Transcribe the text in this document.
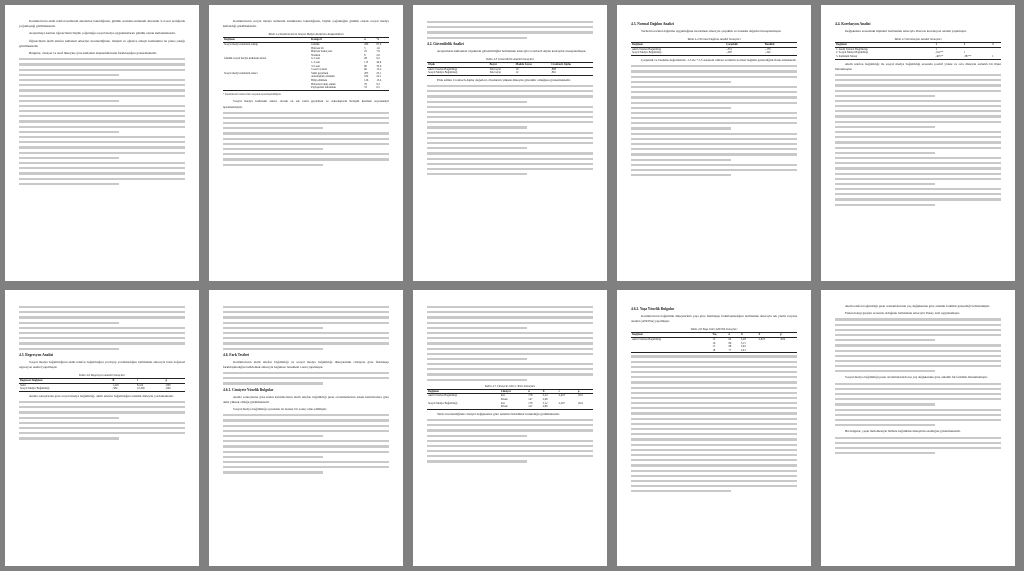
Katılımcıların akıllı telefon kullanım sürelerine bakıldığında, günlük ortalama kullanım süresinin 3-4 saat aralığında yoğunlaştığı görülmektedir.

Araştırmaya katılan öğrencilerin büyük çoğunluğu sosyal medya uygulamalarını günlük olarak kullanmaktadır.

Öğrencilerin akıllı telefon kullanım amaçları incelendiğinde, iletişim ve eğlence amaçlı kullanımın ön plana çıktığı görülmektedir.

Bulgular, cinsiyet ve sınıf düzeyine göre kullanım alışkanlıklarının farklılaştığını göstermektedir.

Katılımcıların sosyal medya kullanım sıklıklarına bakıldığında, büyük çoğunluğun günlük olarak sosyal medya kullandığı görülmektedir.

Tablo 4.2 Katılımcıların Sosyal Medya Kullanım Alışkanlıkları
Değişken	Kategori	n	%
Sosyal medya kullanım sıklığı	Günlük	286	87,9
	Haftada bir	5	1,6
	Haftada birkaç kez	25	7,9
	Nadiren	8	2,6
Günlük sosyal medya kullanım süresi	0-1 saat	28	9,2
	1-3 saat	115	44,6
	3-5 saat	90	35,0
	5 saat ve üzeri	66	15,2
Sosyal medya kullanım amacı	Vakit geçirmek	205	25,1
	Arkadaşlarla iletişim	182	22,1
	Bilgi edinmek	126	15,4
	Haberleri takip etmek	76	9,3
	Paylaşımda bulunmak	53	6,5
* Katılımcılar birden fazla seçenek işaretleyebilmiştir.

Sosyal medya kullanım amacı olarak en sık vakit geçirmek ve arkadaşlarla iletişim kurmak seçenekleri işaretlenmiştir.

4.2. Güvenilirlik Analizi

Araştırmada kullanılan ölçeklerin güvenilirliğini belirlemek amacıyla Cronbach Alpha katsayıları hesaplanmıştır.

Tablo 4.3 Güvenilirlik Analizi Sonuçları
Ölçek	Boyut	Madde Sayısı	Cronbach Alpha
Akıllı Telefon Bağımlılığı	Tek boyut	10	,868
Sosyal Medya Bağımlılığı	Tek boyut	12	,891

Elde edilen Cronbach Alpha değerleri, ölçeklerin yüksek düzeyde güvenilir olduğunu göstermektedir.

4.3. Normal Dağılım Analizi

Verilerin normal dağılıma uygunluğunu incelemek amacıyla çarpıklık ve basıklık değerleri hesaplanmıştır.

Tablo 4.4 Normal Dağılım Analizi Sonuçları
Değişken		Çarpıklık	Basıklık
Akıllı Telefon Bağımlılığı		-,351	-,176
Sosyal Medya Bağımlılığı		-,285	-,342

Çarpıklık ve basıklık değerlerinin -1,5 ile +1,5 arasında olması verilerin normal dağılım gösterdiğini ifade etmektedir.

4.4. Korelasyon Analizi

Değişkenler arasındaki ilişkileri belirlemek amacıyla Pearson korelasyon analizi yapılmıştır.

Tablo 4.5 Korelasyon Analizi Sonuçları
Değişken	1	2	3
1. Akıllı Telefon Bağımlılığı	1		
2. Sosyal Medya Bağımlılığı	,612**	1	
3. Kullanım Süresi	,405**	,387**	1

Akıllı telefon bağımlılığı ile sosyal medya bağımlılığı arasında pozitif yönde ve orta düzeyde anlamlı bir ilişki bulunmuştur.

4.5. Regresyon Analizi

Sosyal medya bağımlılığının akıllı telefon bağımlılığını yordayıp yordamadığını belirlemek amacıyla basit doğrusal regresyon analizi yapılmıştır.

Tablo 4.6 Regresyon Analizi Sonuçları
Bağımsız Değişken	B	t	p
Sabit	1,245	8,412	,000
Sosyal Medya Bağımlılığı	,584	12,336	,000

Analiz sonuçlarına göre sosyal medya bağımlılığı, akıllı telefon bağımlılığını anlamlı düzeyde yordamaktadır.

4.6. Fark Testleri

Katılımcıların akıllı telefon bağımlılığı ve sosyal medya bağımlılığı düzeylerinin cinsiyete göre farklılaşıp farklılaşmadığını belirlemek amacıyla bağımsız örneklem t-testi yapılmıştır.

4.6.1. Cinsiyete Yönelik Bulgular

Analiz sonuçlarına göre kadın katılımcıların akıllı telefon bağımlılığı puan ortalamalarının erkek katılımcılara göre daha yüksek olduğu görülmektedir.

Sosyal medya bağımlılığı açısından da benzer bir sonuç elde edilmiştir.

Tablo 4.7 Cinsiyete Göre t-Testi Sonuçları
Değişken	Cinsiyet	n	X̄	t	p
Akıllı Telefon Bağımlılığı	Kız	178	3,24	2,418	,016
	Erkek	147	2,98		
Sosyal Medya Bağımlılığı	Kız	178	3,12	2,267	,024
	Erkek	147	2,89		

Tablo incelendiğinde cinsiyet değişkenine göre anlamlı farklılıklar bulunduğu görülmektedir.

4.6.2. Yaşa Yönelik Bulgular

Katılımcıların bağımlılık düzeylerinin yaşa göre farklılaşıp farklılaşmadığını belirlemek amacıyla tek yönlü varyans analizi (ANOVA) yapılmıştır.

Tablo 4.8 Yaşa Göre ANOVA Sonuçları
Değişken	Yaş	n	X̄	F	p
Akıllı Telefon Bağımlılığı	15	64	3,28	2,823	,004
	16	86	3,15		
	17	98	3,02		
	18	77	2,91		

Akıllı telefon bağımlılığı puan ortalamalarının yaş değişkenine göre anlamlı farklılık gösterdiği belirlenmiştir.

Farkın hangi gruplar arasında olduğunu belirlemek amacıyla Tukey testi uygulanmıştır.

Sosyal medya bağımlılığı puan ortalamalarında ise yaş değişkenine göre anlamlı bir farklılık bulunmamıştır.

Bu bulgular, yaşın ilerlemesiyle birlikte bağımlılık düzeyinin azaldığını göstermektedir.
